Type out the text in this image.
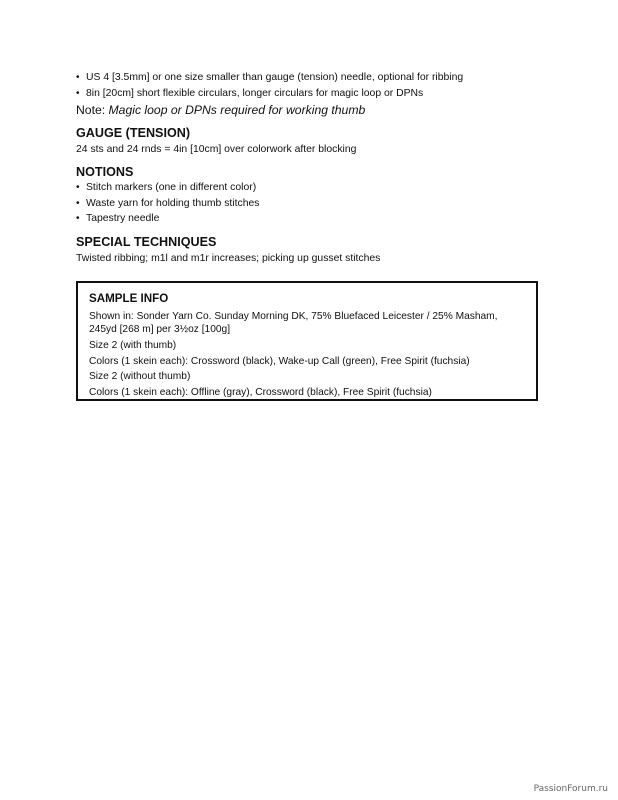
• US 4 [3.5mm] or one size smaller than gauge (tension) needle, optional for ribbing
• 8in [20cm] short flexible circulars, longer circulars for magic loop or DPNs
Note: Magic loop or DPNs required for working thumb
GAUGE (TENSION)
24 sts and 24 rnds = 4in [10cm] over colorwork after blocking
NOTIONS
• Stitch markers (one in different color)
• Waste yarn for holding thumb stitches
• Tapestry needle
SPECIAL TECHNIQUES
Twisted ribbing; m1l and m1r increases; picking up gusset stitches
SAMPLE INFO

Shown in: Sonder Yarn Co. Sunday Morning DK, 75% Bluefaced Leicester / 25% Masham, 245yd [268 m] per 3½oz [100g]

Size 2 (with thumb)

Colors (1 skein each): Crossword (black), Wake-up Call (green), Free Spirit (fuchsia)

Size 2 (without thumb)

Colors (1 skein each): Offline (gray), Crossword (black), Free Spirit (fuchsia)

PassionForum.ru
